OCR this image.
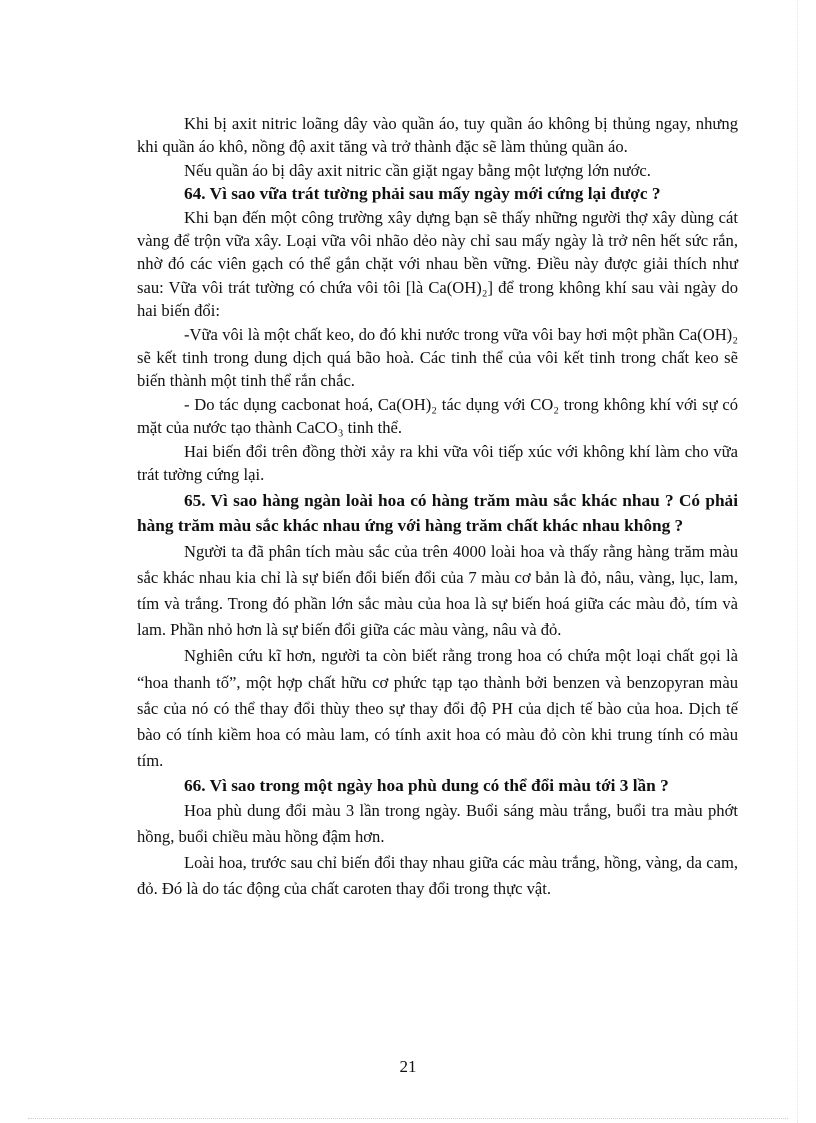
Khi bị axit nitric loãng dây vào quần áo, tuy quần áo không bị thủng ngay, nhưng khi quần áo khô, nồng độ axit tăng và trở thành đặc sẽ làm thủng quần áo.

Nếu quần áo bị dây axit nitric cần giặt ngay bằng một lượng lớn nước.

64. Vì sao vữa trát tường phải sau mấy ngày mới cứng lại được ?

Khi bạn đến một công trường xây dựng bạn sẽ thấy những người thợ xây dùng cát vàng để trộn vữa xây. Loại vữa vôi nhão dẻo này chỉ sau mấy ngày là trở nên hết sức rắn, nhờ đó các viên gạch có thể gắn chặt với nhau bền vững. Điều này được giải thích như sau: Vữa vôi trát tường có chứa vôi tôi [là Ca(OH)₂] để trong không khí sau vài ngày do hai biến đổi:

-Vữa vôi là một chất keo, do đó khi nước trong vữa vôi bay hơi một phần Ca(OH)₂ sẽ kết tinh trong dung dịch quá bão hoà. Các tinh thể của vôi kết tinh trong chất keo sẽ biến thành một tinh thể rắn chắc.

- Do tác dụng cacbonat hoá, Ca(OH)₂ tác dụng với CO₂ trong không khí với sự có mặt của nước tạo thành CaCO₃ tinh thể.

Hai biến đổi trên đồng thời xảy ra khi vữa vôi tiếp xúc với không khí làm cho vữa trát tường cứng lại.

65. Vì sao hàng ngàn loài hoa có hàng trăm màu sắc khác nhau ? Có phải hàng trăm màu sắc khác nhau ứng với hàng trăm chất khác nhau không ?

Người ta đã phân tích màu sắc của trên 4000 loài hoa và thấy rằng hàng trăm màu sắc khác nhau kia chỉ là sự biến đổi biến đổi của 7 màu cơ bản là đỏ, nâu, vàng, lục, lam, tím và trắng. Trong đó phần lớn sắc màu của hoa là sự biến hoá giữa các màu đỏ, tím và lam. Phần nhỏ hơn là sự biến đổi giữa các màu vàng, nâu và đỏ.

Nghiên cứu kĩ hơn, người ta còn biết rằng trong hoa có chứa một loại chất gọi là “hoa thanh tố”, một hợp chất hữu cơ phức tạp tạo thành bởi benzen và benzopyran màu sắc của nó có thể thay đổi thùy theo sự thay đổi độ PH của dịch tế bào của hoa. Dịch tế bào có tính kiềm hoa có màu lam, có tính axit hoa có màu đỏ còn khi trung tính có màu tím.

66. Vì sao trong một ngày hoa phù dung có thể đổi màu tới 3 lần ?

Hoa phù dung đổi màu 3 lần trong ngày. Buổi sáng màu trắng, buổi tra màu phớt hồng, buổi chiều màu hồng đậm hơn.

Loài hoa, trước sau chỉ biến đổi thay nhau giữa các màu trắng, hồng, vàng, da cam, đỏ. Đó là do tác động của chất caroten thay đổi trong thực vật.

21
